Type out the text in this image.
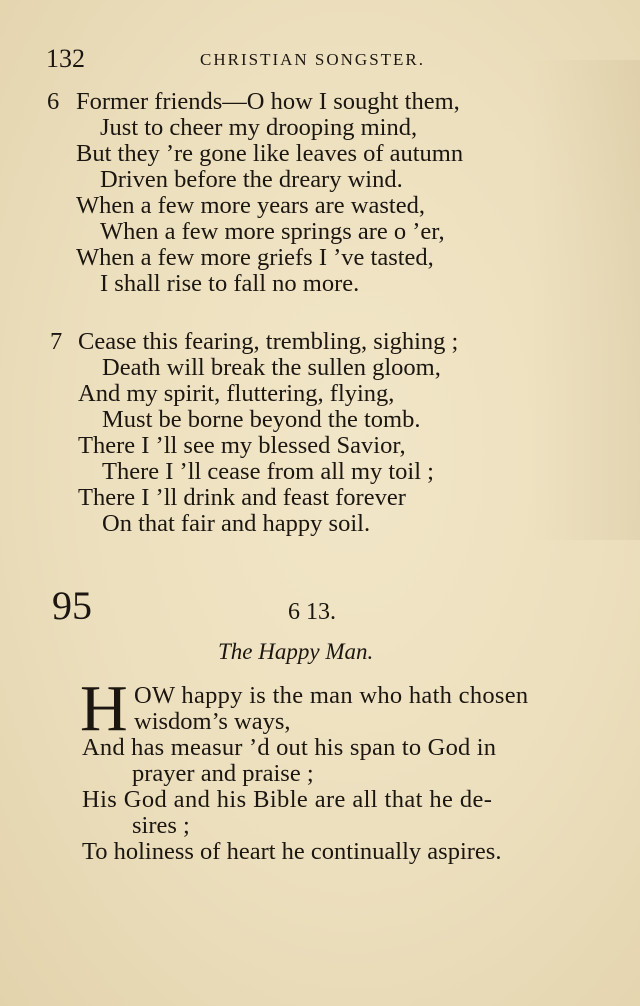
132	CHRISTIAN SONGSTER.
6 Former friends—O how I sought them,
Just to cheer my drooping mind,
But they ’re gone like leaves of autumn
Driven before the dreary wind.
When a few more years are wasted,
When a few more springs are o ’er,
When a few more griefs I ’ve tasted,
I shall rise to fall no more.
7 Cease this fearing, trembling, sighing ;
Death will break the sullen gloom,
And my spirit, fluttering, flying,
Must be borne beyond the tomb.
There I ’ll see my blessed Savior,
There I ’ll cease from all my toil ;
There I ’ll drink and feast forever
On that fair and happy soil.
95	6 13.
The Happy Man.
H OW happy is the man who hath chosen
wisdom’s ways,
And has measur ’d out his span to God in
prayer and praise ;
His God and his Bible are all that he de-
sires ;
To holiness of heart he continually aspires.
